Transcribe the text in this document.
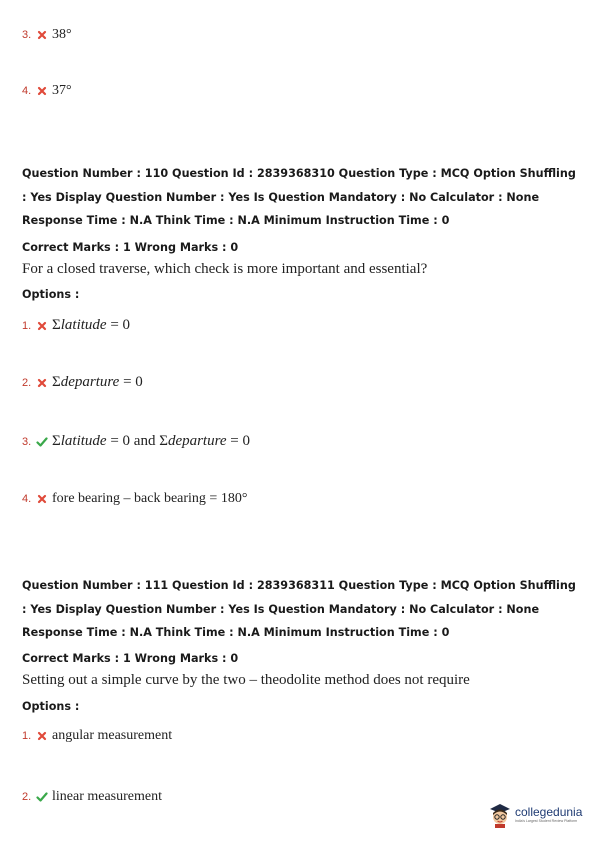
3.	38°
4.	37°
Question Number : 110 Question Id : 2839368310 Question Type : MCQ Option Shuffling : Yes Display Question Number : Yes Is Question Mandatory : No Calculator : None Response Time : N.A Think Time : N.A Minimum Instruction Time : 0
Correct Marks : 1 Wrong Marks : 0
For a closed traverse, which check is more important and essential?
Options :
1.	Σlatitude = 0
2.	Σdeparture = 0
3.	Σlatitude = 0 and Σdeparture = 0
4.	fore bearing – back bearing = 180°
Question Number : 111 Question Id : 2839368311 Question Type : MCQ Option Shuffling : Yes Display Question Number : Yes Is Question Mandatory : No Calculator : None Response Time : N.A Think Time : N.A Minimum Instruction Time : 0
Correct Marks : 1 Wrong Marks : 0
Setting out a simple curve by the two – theodolite method does not require
Options :
1.	angular measurement
2.	linear measurement
collegedunia
India's Largest Student Review Platform
